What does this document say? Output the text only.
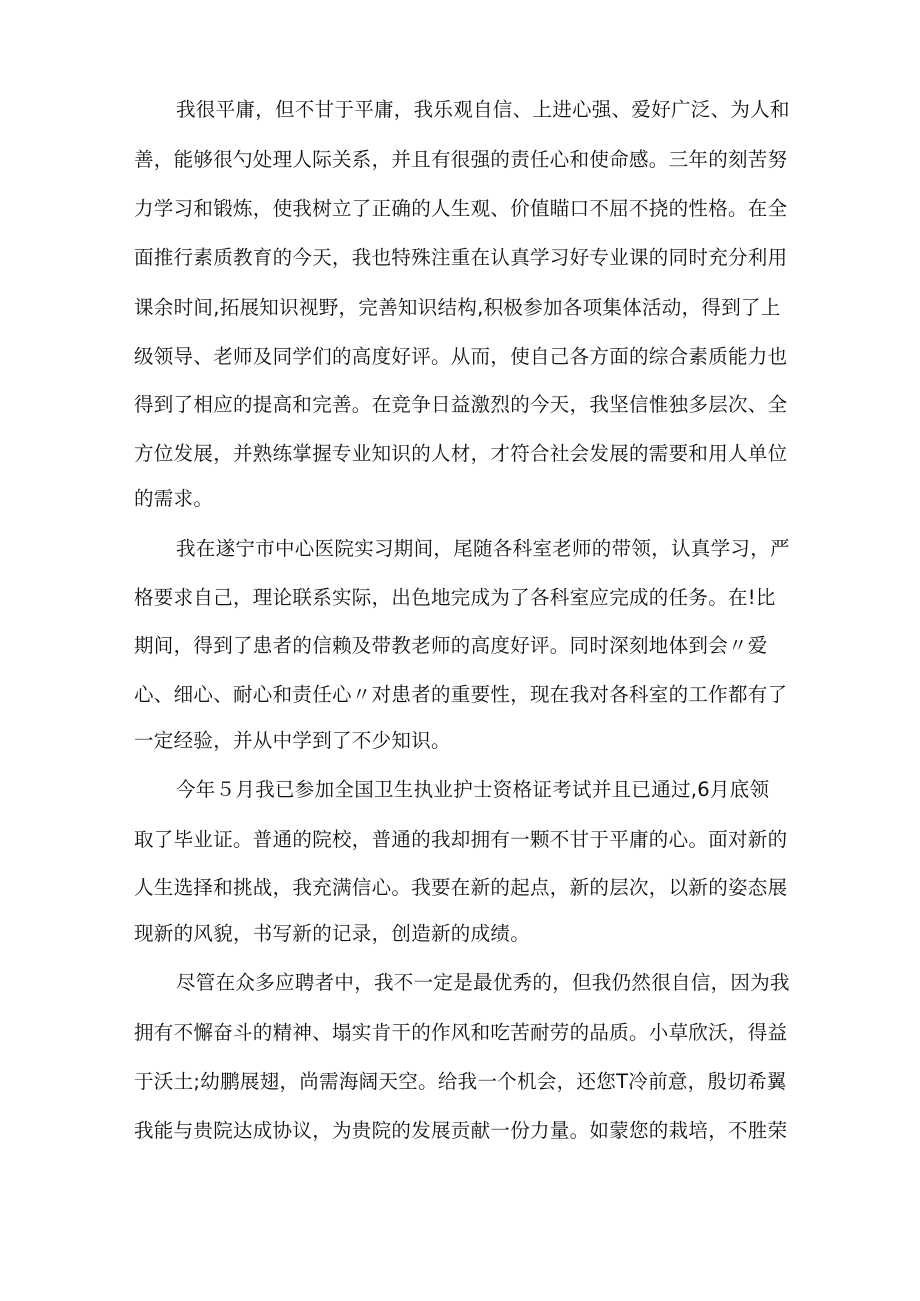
我很平庸，但不甘于平庸，我乐观自信、上进心强、爱好广泛、为人和
善，能够很勺处理人际关系，并且有很强的责任心和使命感。三年的刻苦努
力学习和锻炼，使我树立了正确的人生观、价值瞄口不屈不挠的性格。在全
面推行素质教育的今天，我也特殊注重在认真学习好专业课的同时充分利用
课余时间,拓展知识视野，完善知识结构,积极参加各项集体活动，得到了上
级领导、老师及同学们的高度好评。从而，使自己各方面的综合素质能力也
得到了相应的提高和完善。在竞争日益激烈的今天，我坚信惟独多层次、全
方位发展，并熟练掌握专业知识的人材，才符合社会发展的需要和用人单位
的需求。
我在遂宁市中心医院实习期间，尾随各科室老师的带领，认真学习，严
格要求自己，理论联系实际，出色地完成为了各科室应完成的任务。在!比
期间，得到了患者的信赖及带教老师的高度好评。同时深刻地体到会〃爱
心、细心、耐心和责任心〃对患者的重要性，现在我对各科室的工作都有了
一定经验，并从中学到了不少知识。
今年５月我已参加全国卫生执业护士资格证考试并且已通过,6月底领
取了毕业证。普通的院校，普通的我却拥有一颗不甘于平庸的心。面对新的
人生选择和挑战，我充满信心。我要在新的起点，新的层次，以新的姿态展
现新的风貌，书写新的记录，创造新的成绩。
尽管在众多应聘者中，我不一定是最优秀的，但我仍然很自信，因为我
拥有不懈奋斗的精神、塌实肯干的作风和吃苦耐劳的品质。小草欣沃，得益
于沃土;幼鹏展翅，尚需海阔天空。给我一个机会，还您T冷前意，殷切希翼
我能与贵院达成协议，为贵院的发展贡献一份力量。如蒙您的栽培，不胜荣
